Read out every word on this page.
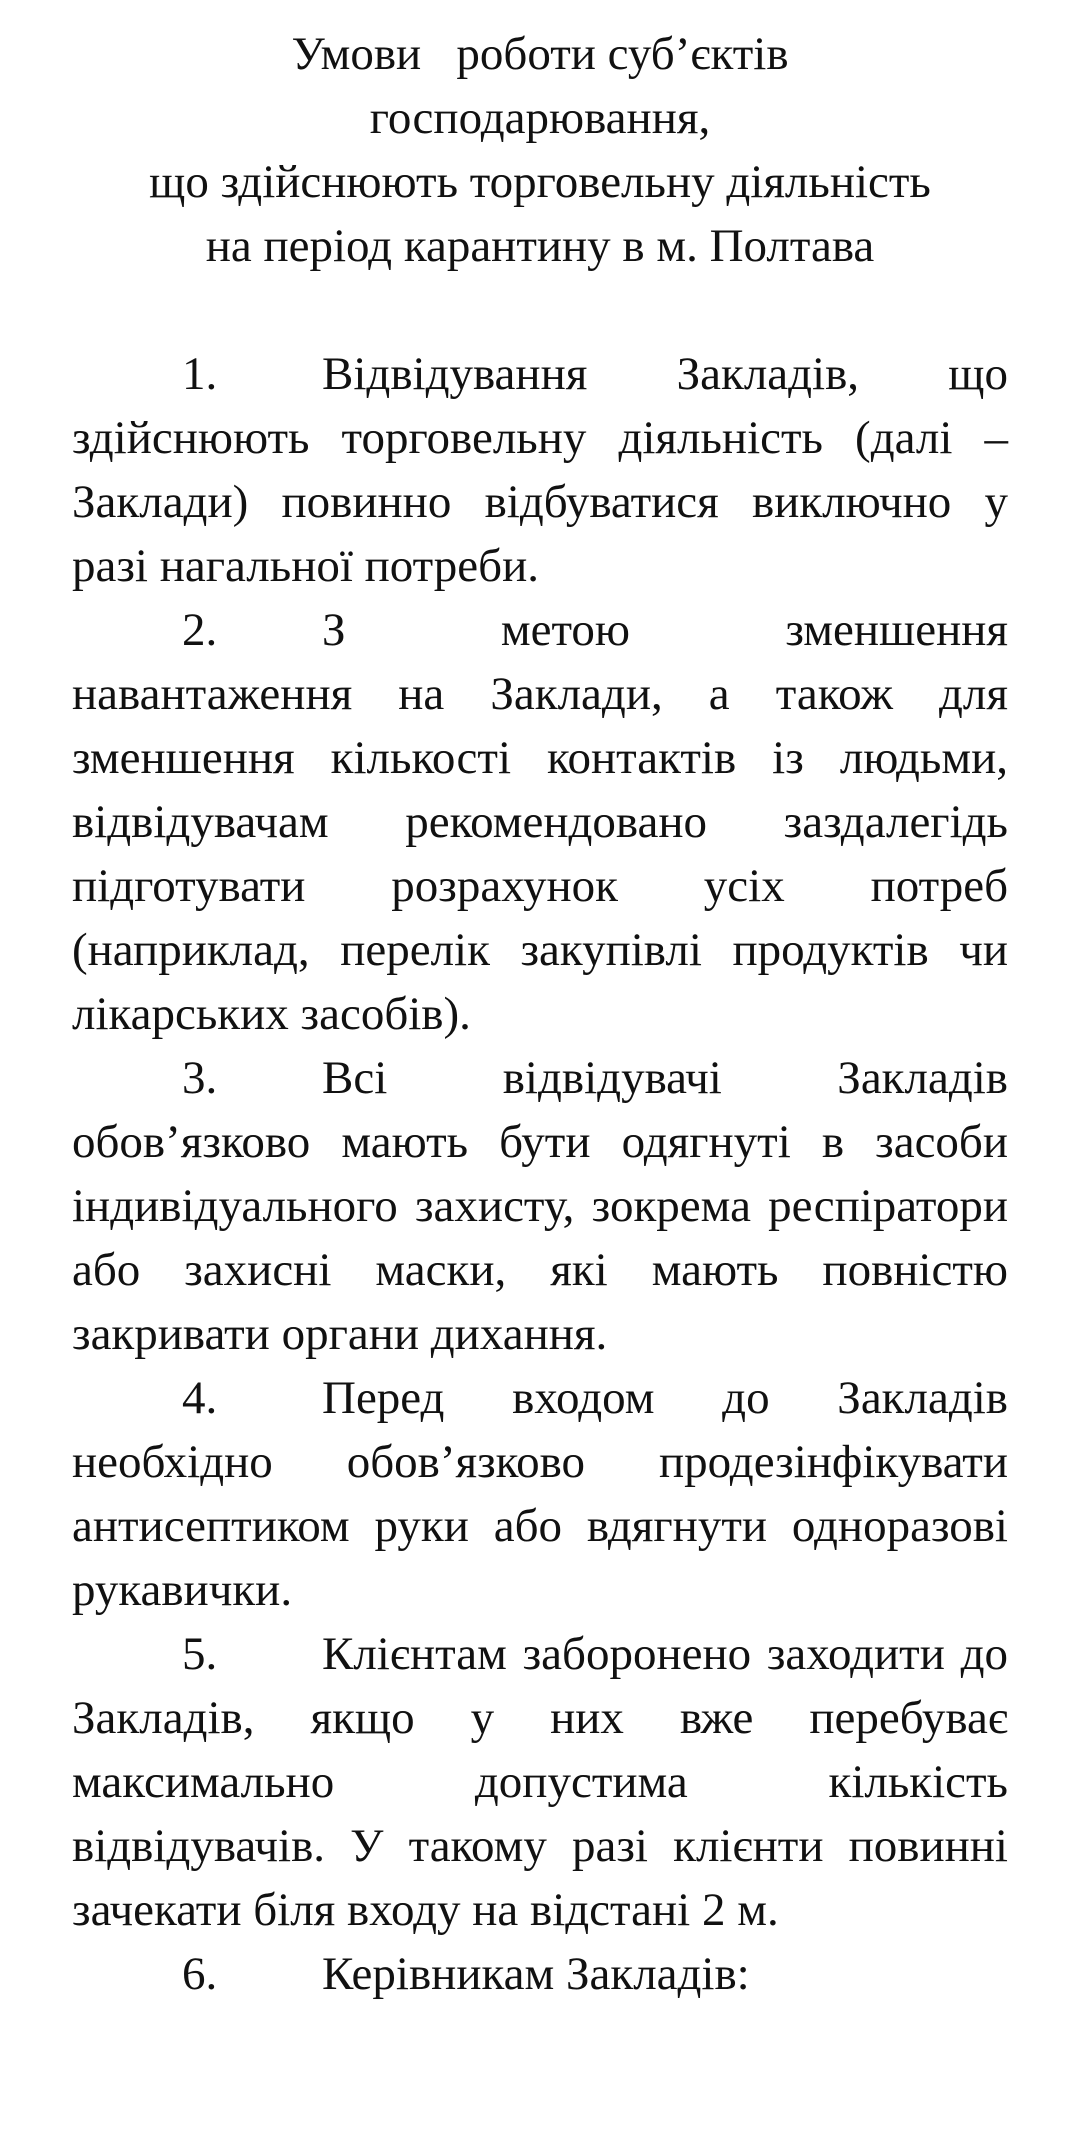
Умови   роботи суб’єктів
господарювання,
що здійснюють торговельну діяльність
на період карантину в м. Полтава

1. Відвідування Закладів, що здійснюють торговельну діяльність (далі – Заклади) повинно відбуватися виключно у разі нагальної потреби.

2. З метою зменшення навантаження на Заклади, а також для зменшення кількості контактів із людьми, відвідувачам рекомендовано заздалегідь підготувати розрахунок усіх потреб (наприклад, перелік закупівлі продуктів чи лікарських засобів).

3. Всі відвідувачі Закладів обов’язково мають бути одягнуті в засоби індивідуального захисту, зокрема респіратори або захисні маски, які мають повністю закривати органи дихання.

4. Перед входом до Закладів необхідно обов’язково продезінфікувати антисептиком руки або вдягнути одноразові рукавички.

5. Клієнтам заборонено заходити до Закладів, якщо у них вже перебуває максимально допустима кількість відвідувачів. У такому разі клієнти повинні зачекати біля входу на відстані 2 м.

6. Керівникам Закладів:
